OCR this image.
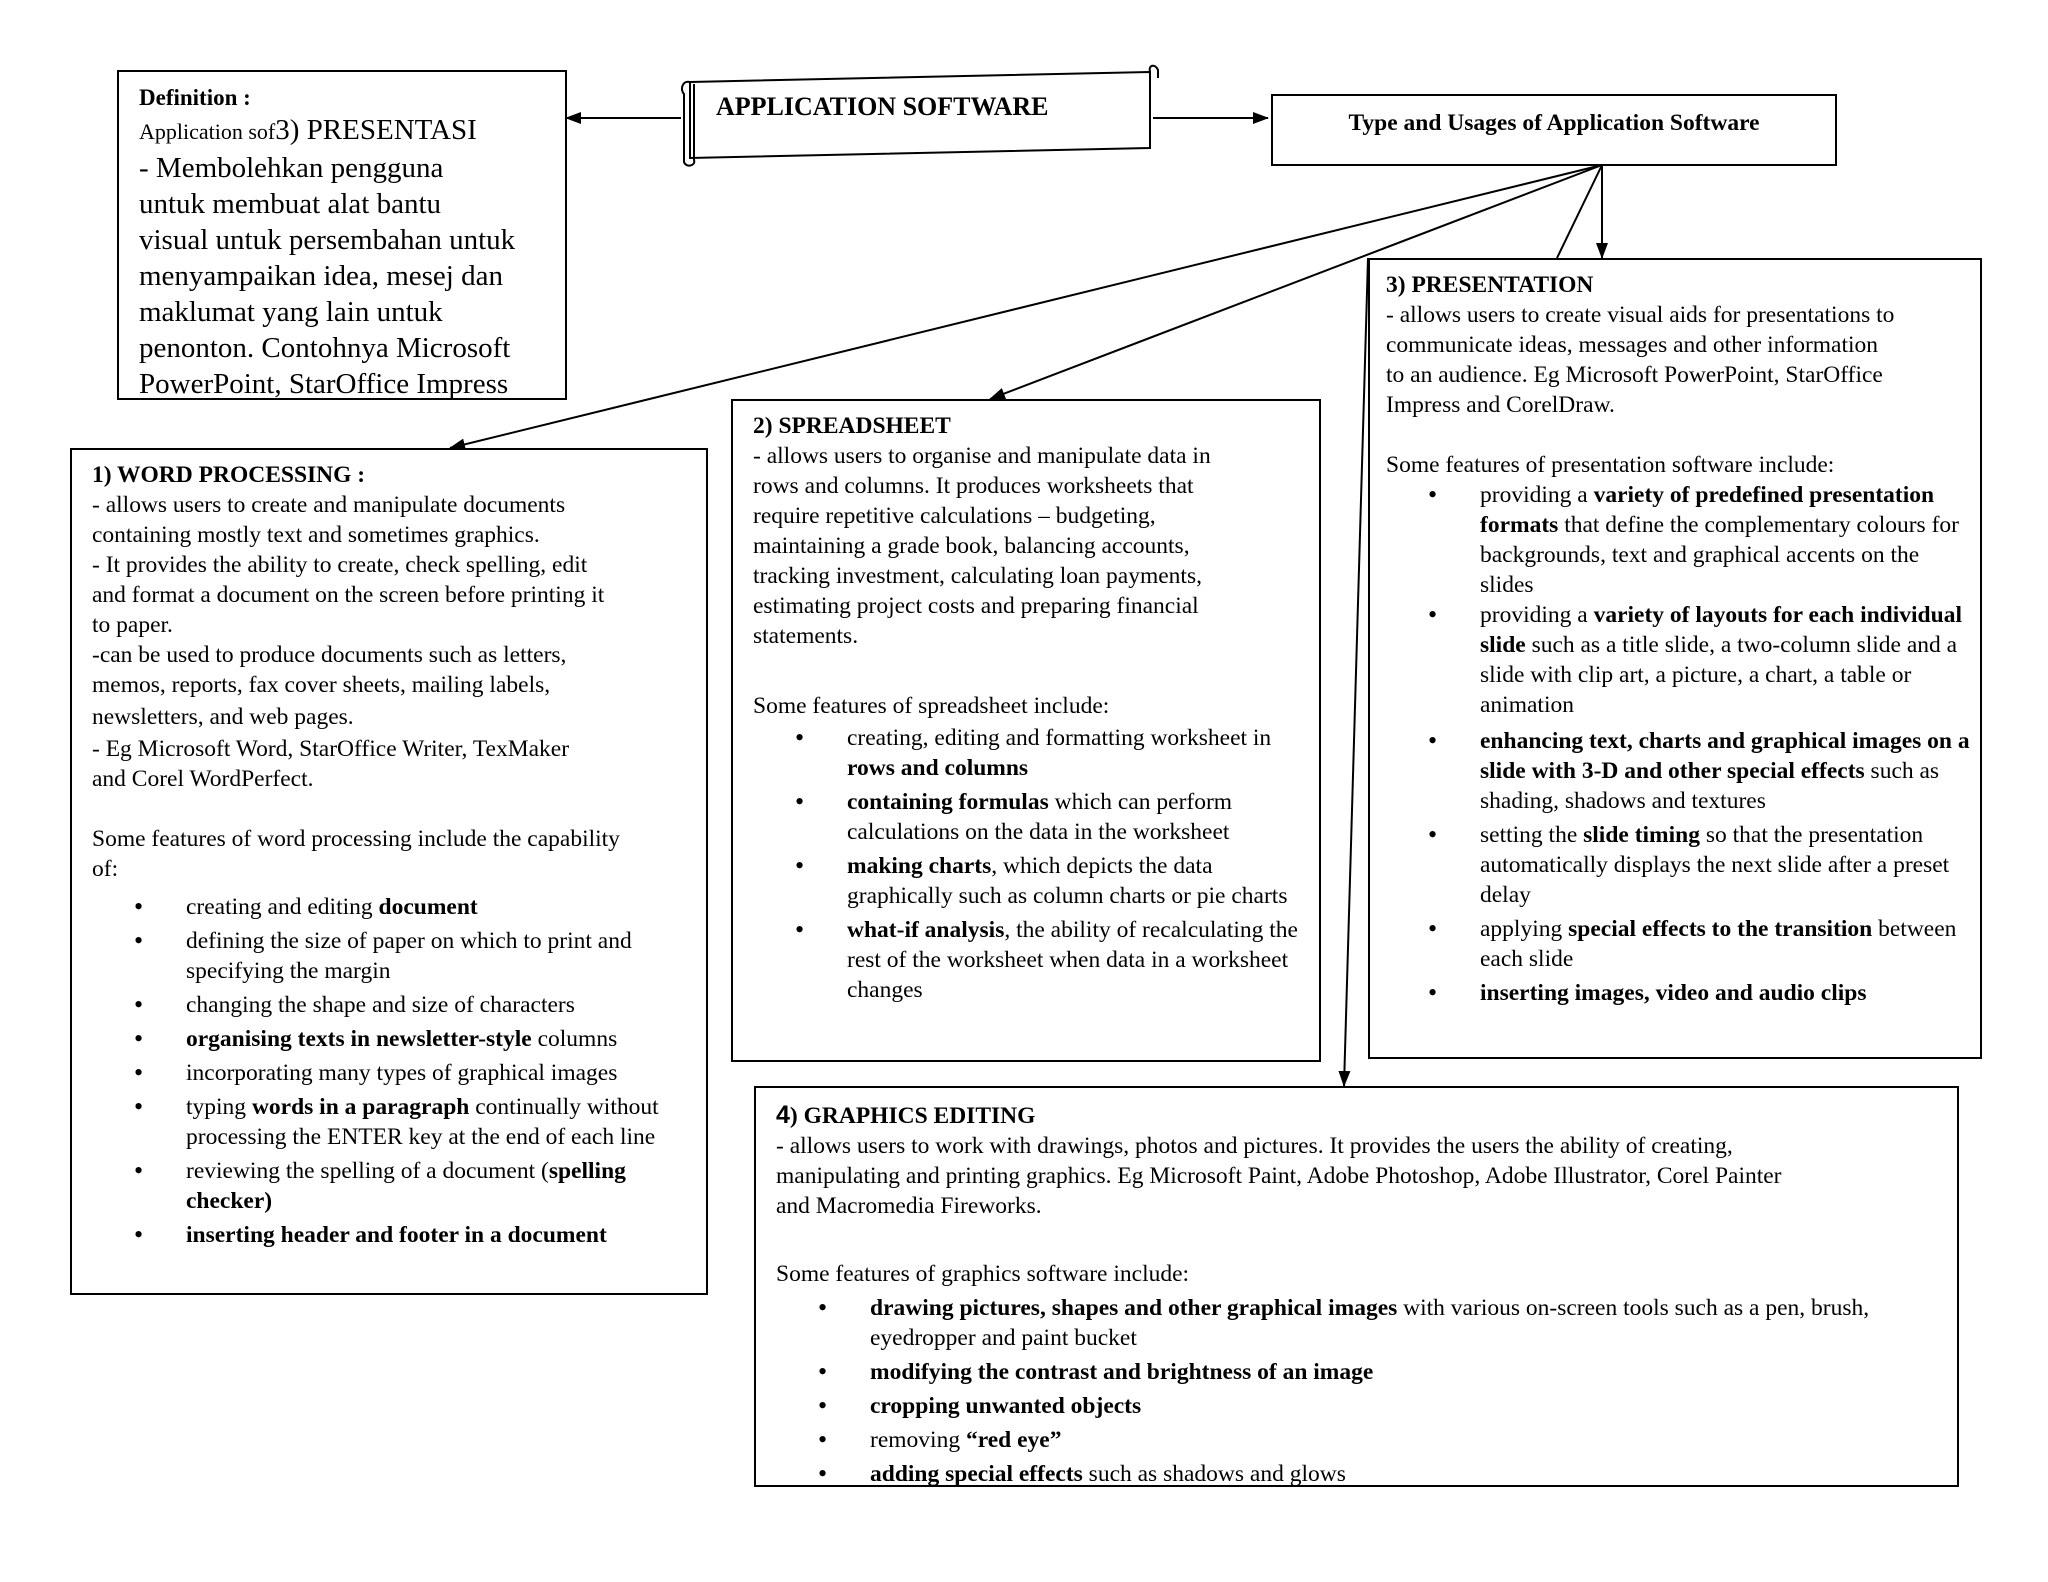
APPLICATION SOFTWARE
Type and Usages of Application Software
Definition :
Application sof3) PRESENTASI
- Membolehkan pengguna
untuk membuat alat bantu
visual untuk persembahan untuk
menyampaikan idea, mesej dan
maklumat yang lain untuk
penonton. Contohnya Microsoft
PowerPoint, StarOffice Impress
1) WORD PROCESSING :
- allows users to create and manipulate documents
containing mostly text and sometimes graphics.
- It provides the ability to create, check spelling, edit
and format a document on the screen before printing it
to paper.
-can be used to produce documents such as letters,
memos, reports, fax cover sheets, mailing labels,
newsletters, and web pages.
- Eg Microsoft Word, StarOffice Writer, TexMaker
and Corel WordPerfect.
Some features of word processing include the capability
of:
• creating and editing document
• defining the size of paper on which to print and specifying the margin
• changing the shape and size of characters
• organising texts in newsletter-style columns
• incorporating many types of graphical images
• typing words in a paragraph continually without processing the ENTER key at the end of each line
• reviewing the spelling of a document (spelling checker)
• inserting header and footer in a document
2) SPREADSHEET
- allows users to organise and manipulate data in
rows and columns. It produces worksheets that
require repetitive calculations – budgeting,
maintaining a grade book, balancing accounts,
tracking investment, calculating loan payments,
estimating project costs and preparing financial
statements.
Some features of spreadsheet include:
• creating, editing and formatting worksheet in rows and columns
• containing formulas which can perform calculations on the data in the worksheet
• making charts, which depicts the data graphically such as column charts or pie charts
• what-if analysis, the ability of recalculating the rest of the worksheet when data in a worksheet changes
3) PRESENTATION
- allows users to create visual aids for presentations to
communicate ideas, messages and other information
to an audience. Eg Microsoft PowerPoint, StarOffice
Impress and CorelDraw.
Some features of presentation software include:
• providing a variety of predefined presentation formats that define the complementary colours for backgrounds, text and graphical accents on the slides
• providing a variety of layouts for each individual slide such as a title slide, a two-column slide and a slide with clip art, a picture, a chart, a table or animation
• enhancing text, charts and graphical images on a slide with 3-D and other special effects such as shading, shadows and textures
• setting the slide timing so that the presentation automatically displays the next slide after a preset delay
• applying special effects to the transition between each slide
• inserting images, video and audio clips
4) GRAPHICS EDITING
- allows users to work with drawings, photos and pictures. It provides the users the ability of creating,
manipulating and printing graphics. Eg Microsoft Paint, Adobe Photoshop, Adobe Illustrator, Corel Painter
and Macromedia Fireworks.
Some features of graphics software include:
• drawing pictures, shapes and other graphical images with various on-screen tools such as a pen, brush, eyedropper and paint bucket
• modifying the contrast and brightness of an image
• cropping unwanted objects
• removing “red eye”
• adding special effects such as shadows and glows
